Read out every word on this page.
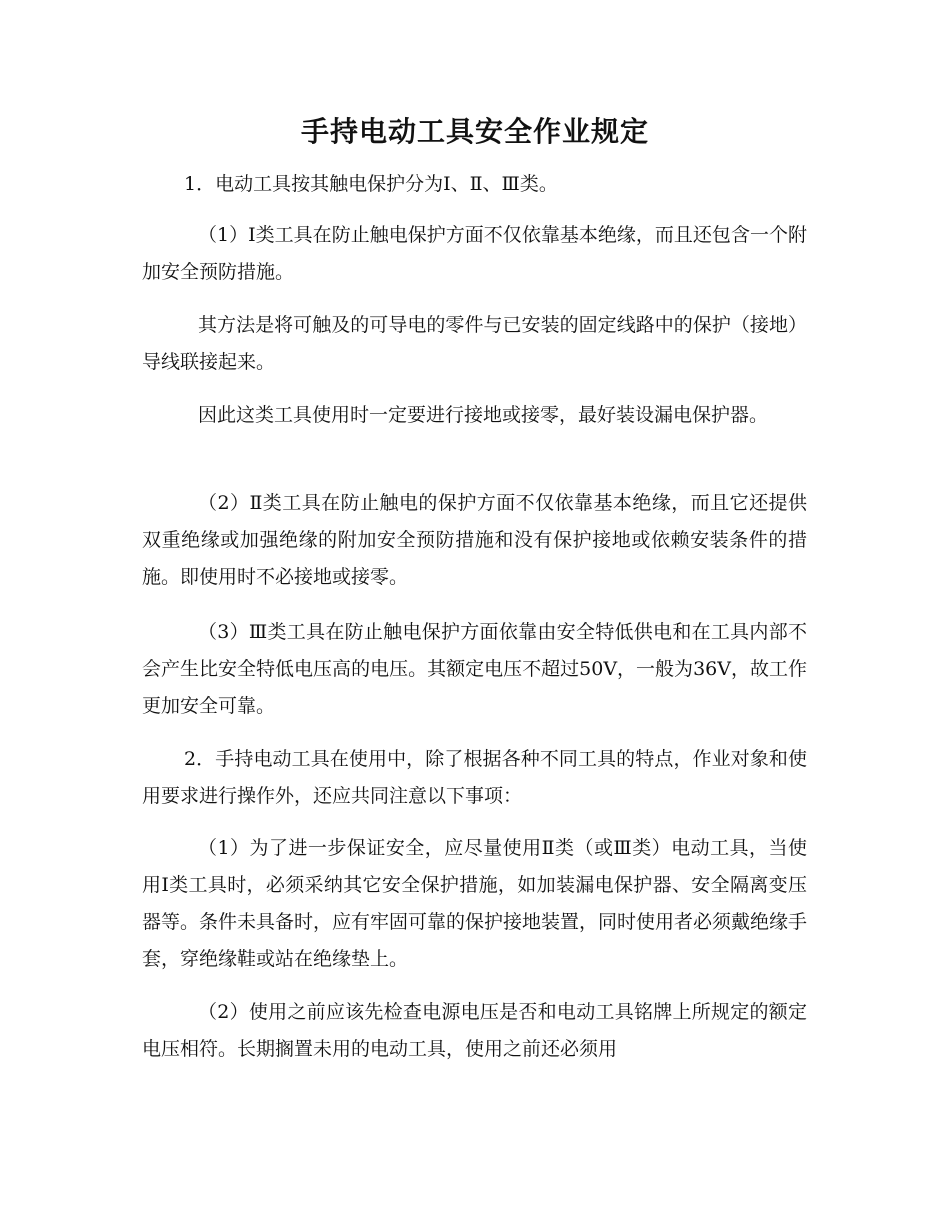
手持电动工具安全作业规定

1．电动工具按其触电保护分为Ⅰ、Ⅱ、Ⅲ类。

（1）Ⅰ类工具在防止触电保护方面不仅依靠基本绝缘，而且还包含一个附加安全预防措施。

其方法是将可触及的可导电的零件与已安装的固定线路中的保护（接地）导线联接起来。

因此这类工具使用时一定要进行接地或接零，最好装设漏电保护器。

（2）Ⅱ类工具在防止触电的保护方面不仅依靠基本绝缘，而且它还提供双重绝缘或加强绝缘的附加安全预防措施和没有保护接地或依赖安装条件的措施。即使用时不必接地或接零。

（3）Ⅲ类工具在防止触电保护方面依靠由安全特低供电和在工具内部不会产生比安全特低电压高的电压。其额定电压不超过50V，一般为36V，故工作更加安全可靠。

2．手持电动工具在使用中，除了根据各种不同工具的特点，作业对象和使用要求进行操作外，还应共同注意以下事项：

（1）为了进一步保证安全，应尽量使用Ⅱ类（或Ⅲ类）电动工具，当使用Ⅰ类工具时，必须采纳其它安全保护措施，如加装漏电保护器、安全隔离变压器等。条件未具备时，应有牢固可靠的保护接地装置，同时使用者必须戴绝缘手套，穿绝缘鞋或站在绝缘垫上。

（2）使用之前应该先检查电源电压是否和电动工具铭牌上所规定的额定电压相符。长期搁置未用的电动工具，使用之前还必须用
